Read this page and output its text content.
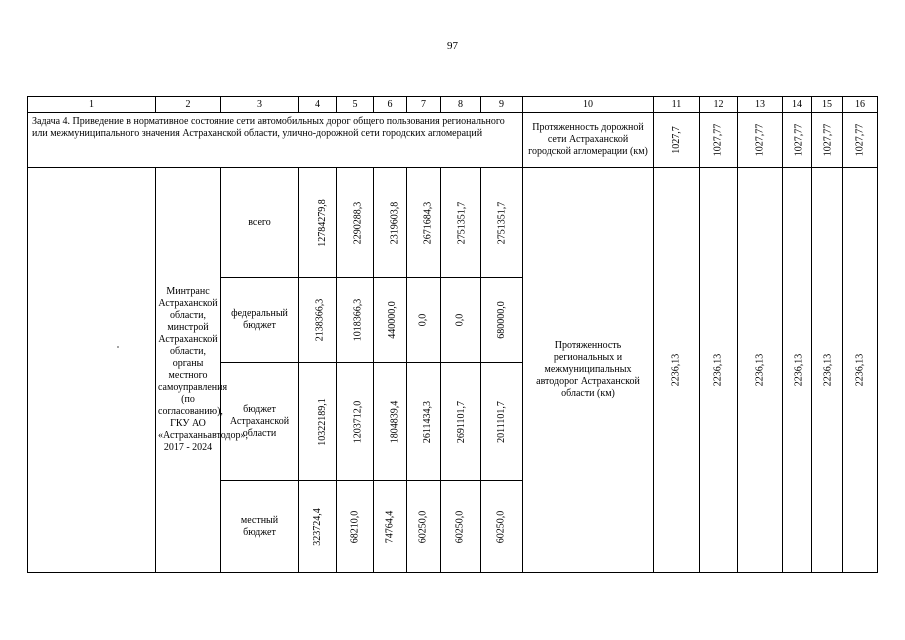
97
1	2	3	4	5	6	7	8	9	10	11	12	13	14	15	16
Задача 4. Приведение в нормативное состояние сети автомобильных дорог общего пользования регионального или межмуниципального значения Астраханской области, улично-дорожной сети городских агломераций									Протяженность дорожной сети Астраханской городской агломерации (км)	1027,7	1027,77	1027,77	1027,77	1027,77	1027,77
	Минтранс Астраханской области, минстрой Астраханской области, органы местного самоуправления (по согласованию), ГКУ АО «Астраханьавтодор», 2017 - 2024	всего	12784279,8	2290288,3	2319603,8	2671684,3	2751351,7	2751351,7	Протяженность региональных и межмуниципальных автодорог Астраханской области (км)	2236,13	2236,13	2236,13	2236,13	2236,13	2236,13
		федеральный бюджет	2138366,3	1018366,3	440000,0	0,0	0,0	680000,0							
		бюджет Астраханской области	10322189,1	1203712,0	1804839,4	2611434,3	2691101,7	2011101,7							
		местный бюджет	323724,4	68210,0	74764,4	60250,0	60250,0	60250,0							
